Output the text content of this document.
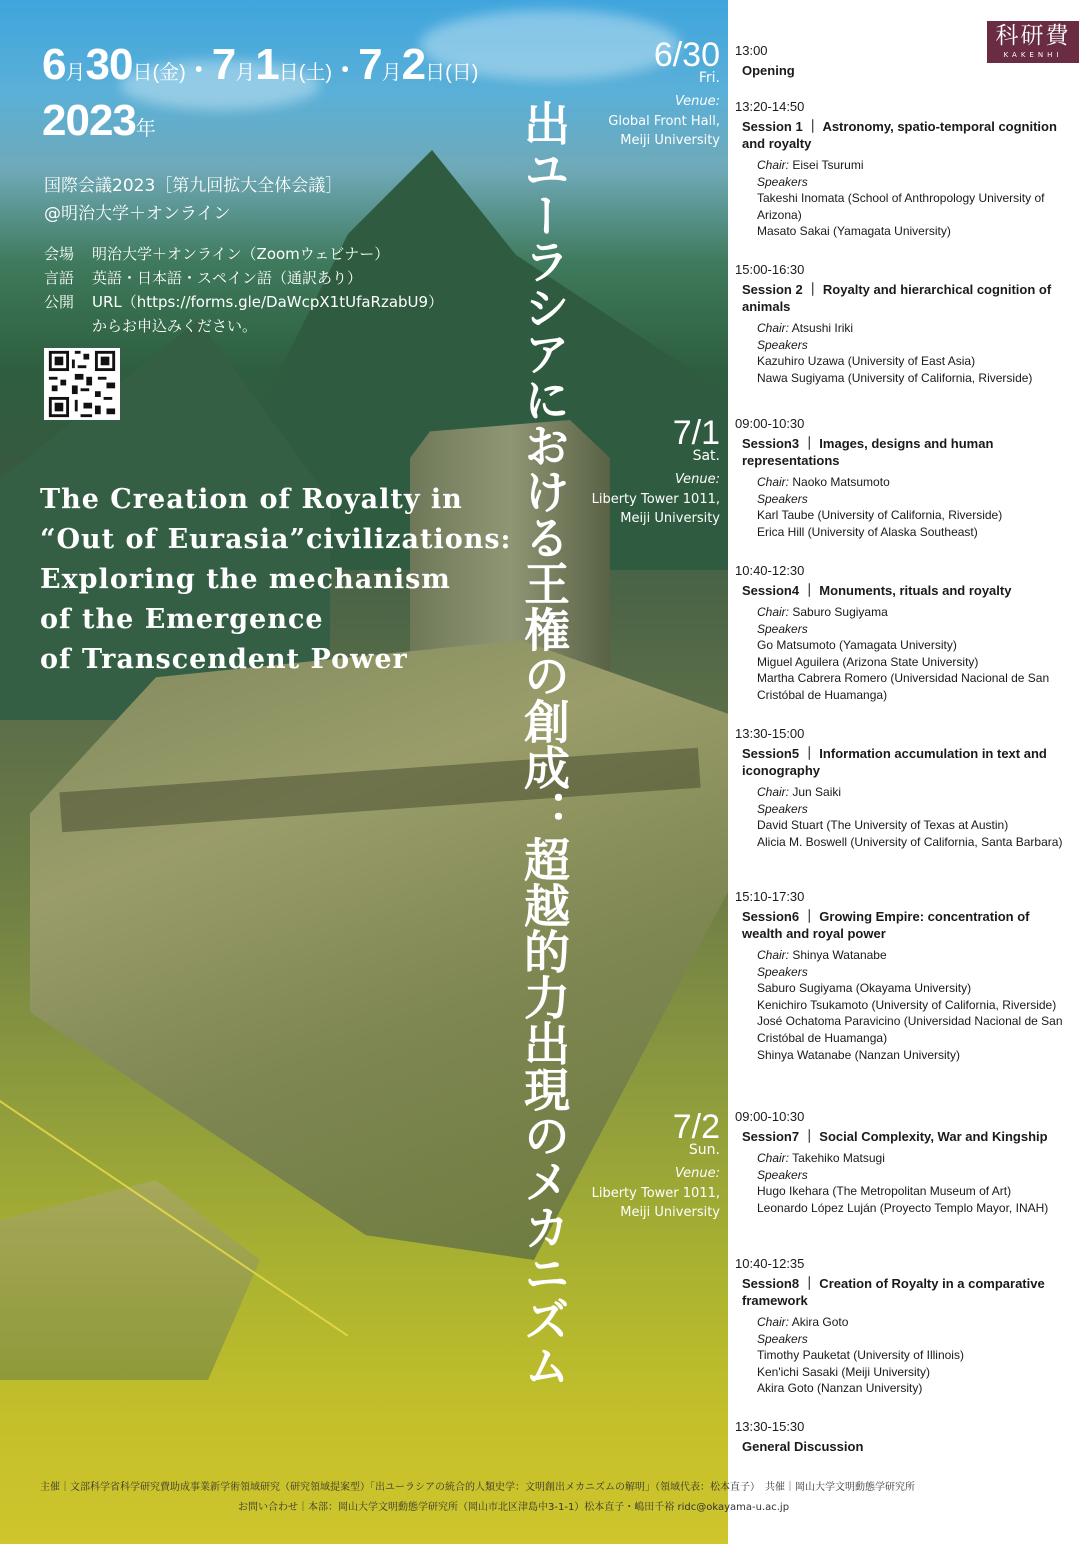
6月30日(金)・7月1日(土)・7月2日(日)
2023年
国際会議2023［第九回拡大全体会議］
@明治大学＋オンライン
会場	明治大学＋オンライン（Zoomウェビナー）
言語	英語・日本語・スペイン語（通訳あり）
公開	URL（https://forms.gle/DaWcpX1tUfaRzabU9）
からお申込みください。
The Creation of Royalty in
“Out of Eurasia”civilizations:
Exploring the mechanism
of the Emergence
of Transcendent Power	出ユーラシアにおける王権の創成：超越的力出現のメカニズム
6/30
Fri.
Venue:
Global Front Hall,
Meiji University
7/1
Sat.
Venue:
Liberty Tower 1011,
Meiji University
7/2
Sun.
Venue:
Liberty Tower 1011,
Meiji University
13:00
Opening
13:20-14:50
Session 1 ｜ Astronomy, spatio-temporal cognition and royalty
Chair: Eisei Tsurumi
Speakers
Takeshi Inomata (School of Anthropology University of Arizona)
Masato Sakai (Yamagata University)
15:00-16:30
Session 2 ｜ Royalty and hierarchical cognition of animals
Chair: Atsushi Iriki
Speakers
Kazuhiro Uzawa (University of East Asia)
Nawa Sugiyama (University of California, Riverside)
09:00-10:30
Session3 ｜ Images, designs and human representations
Chair: Naoko Matsumoto
Speakers
Karl Taube (University of California, Riverside)
Erica Hill (University of Alaska Southeast)
10:40-12:30
Session4 ｜ Monuments, rituals and royalty
Chair: Saburo Sugiyama
Speakers
Go Matsumoto (Yamagata University)
Miguel Aguilera (Arizona State University)
Martha Cabrera Romero (Universidad Nacional de San Cristóbal de Huamanga)
13:30-15:00
Session5 ｜ Information accumulation in text and iconography
Chair: Jun Saiki
Speakers
David Stuart (The University of Texas at Austin)
Alicia M. Boswell (University of California, Santa Barbara)
15:10-17:30
Session6 ｜ Growing Empire: concentration of wealth and royal power
Chair: Shinya Watanabe
Speakers
Saburo Sugiyama (Okayama University)
Kenichiro Tsukamoto (University of California, Riverside)
José Ochatoma Paravicino (Universidad Nacional de San Cristóbal de Huamanga)
Shinya Watanabe (Nanzan University)
09:00-10:30
Session7 ｜ Social Complexity, War and Kingship
Chair: Takehiko Matsugi
Speakers
Hugo Ikehara (The Metropolitan Museum of Art)
Leonardo López Luján (Proyecto Templo Mayor, INAH)
10:40-12:35
Session8 ｜ Creation of Royalty in a comparative framework
Chair: Akira Goto
Speakers
Timothy Pauketat (University of Illinois)
Ken'ichi Sasaki (Meiji University)
Akira Goto (Nanzan University)
13:30-15:30
General Discussion
科研費
KAKENHI
主催｜文部科学省科学研究費助成事業新学術領域研究（研究領域提案型）「出ユーラシアの統合的人類史学：文明創出メカニズムの解明」（領域代表：松本直子）　共催｜岡山大学文明動態学研究所
お問い合わせ｜本部：岡山大学文明動態学研究所（岡山市北区津島中3-1-1）松本直子・嶋田千裕 ridc@okayama-u.ac.jp
